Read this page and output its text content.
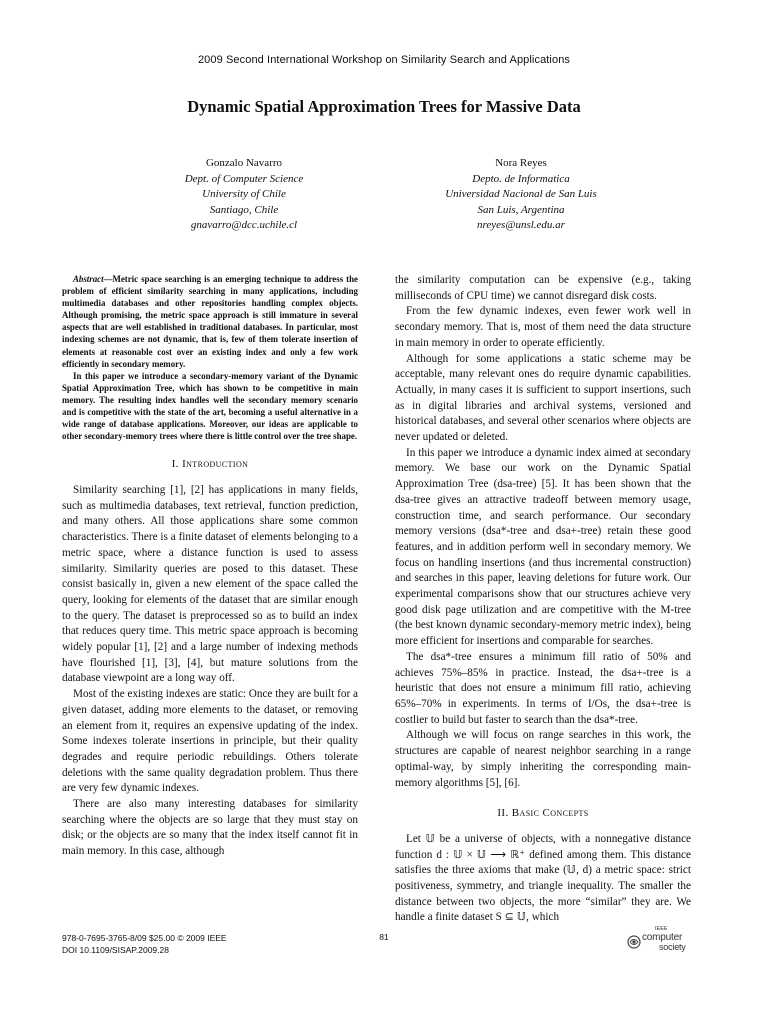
2009 Second International Workshop on Similarity Search and Applications
Dynamic Spatial Approximation Trees for Massive Data
Gonzalo Navarro
Dept. of Computer Science
University of Chile
Santiago, Chile
gnavarro@dcc.uchile.cl
Nora Reyes
Depto. de Informatica
Universidad Nacional de San Luis
San Luis, Argentina
nreyes@unsl.edu.ar

Abstract—Metric space searching is an emerging technique to address the problem of efficient similarity searching in many applications, including multimedia databases and other repositories handling complex objects. Although promising, the metric space approach is still immature in several aspects that are well established in traditional databases. In particular, most indexing schemes are not dynamic, that is, few of them tolerate insertion of elements at reasonable cost over an existing index and only a few work efficiently in secondary memory.

In this paper we introduce a secondary-memory variant of the Dynamic Spatial Approximation Tree, which has shown to be competitive in main memory. The resulting index handles well the secondary memory scenario and is competitive with the state of the art, becoming a useful alternative in a wide range of database applications. Moreover, our ideas are applicable to other secondary-memory trees where there is little control over the tree shape.

I. Introduction

Similarity searching [1], [2] has applications in many fields, such as multimedia databases, text retrieval, function prediction, and many others. All those applications share some common characteristics. There is a finite dataset of elements belonging to a metric space, where a distance function is used to assess similarity. Similarity queries are posed to this dataset. These consist basically in, given a new element of the space called the query, looking for elements of the dataset that are similar enough to the query. The dataset is preprocessed so as to build an index that reduces query time. This metric space approach is becoming widely popular [1], [2] and a large number of indexing methods have flourished [1], [3], [4], but mature solutions from the database viewpoint are a long way off.

Most of the existing indexes are static: Once they are built for a given dataset, adding more elements to the dataset, or removing an element from it, requires an expensive updating of the index. Some indexes tolerate insertions in principle, but their quality degrades and require periodic rebuildings. Others tolerate deletions with the same quality degradation problem. Thus there are very few dynamic indexes.

There are also many interesting databases for similarity searching where the objects are so large that they must stay on disk; or the objects are so many that the index itself cannot fit in main memory. In this case, although

the similarity computation can be expensive (e.g., taking milliseconds of CPU time) we cannot disregard disk costs.

From the few dynamic indexes, even fewer work well in secondary memory. That is, most of them need the data structure in main memory in order to operate efficiently.

Although for some applications a static scheme may be acceptable, many relevant ones do require dynamic capabilities. Actually, in many cases it is sufficient to support insertions, such as in digital libraries and archival systems, versioned and historical databases, and several other scenarios where objects are never updated or deleted.

In this paper we introduce a dynamic index aimed at secondary memory. We base our work on the Dynamic Spatial Approximation Tree (dsa-tree) [5]. It has been shown that the dsa-tree gives an attractive tradeoff between memory usage, construction time, and search performance. Our secondary memory versions (dsa*-tree and dsa+-tree) retain these good features, and in addition perform well in secondary memory. We focus on handling insertions (and thus incremental construction) and searches in this paper, leaving deletions for future work. Our experimental comparisons show that our structures achieve very good disk page utilization and are competitive with the M-tree (the best known dynamic secondary-memory metric index), being more efficient for insertions and comparable for searches.

The dsa*-tree ensures a minimum fill ratio of 50% and achieves 75%–85% in practice. Instead, the dsa+-tree is a heuristic that does not ensure a minimum fill ratio, achieving 65%–70% in experiments. In terms of I/Os, the dsa+-tree is costlier to build but faster to search than the dsa*-tree.

Although we will focus on range searches in this work, the structures are capable of nearest neighbor searching in a range optimal-way, by simply inheriting the corresponding main-memory algorithms [5], [6].

II. Basic Concepts

Let 𝕌 be a universe of objects, with a nonnegative distance function d : 𝕌 × 𝕌 ⟶ ℝ⁺ defined among them. This distance satisfies the three axioms that make (𝕌, d) a metric space: strict positiveness, symmetry, and triangle inequality. The smaller the distance between two objects, the more “similar” they are. We handle a finite dataset S ⊆ 𝕌, which

978-0-7695-3765-8/09 $25.00 © 2009 IEEE
DOI 10.1109/SISAP.2009.28
81
IEEE
computer
society
